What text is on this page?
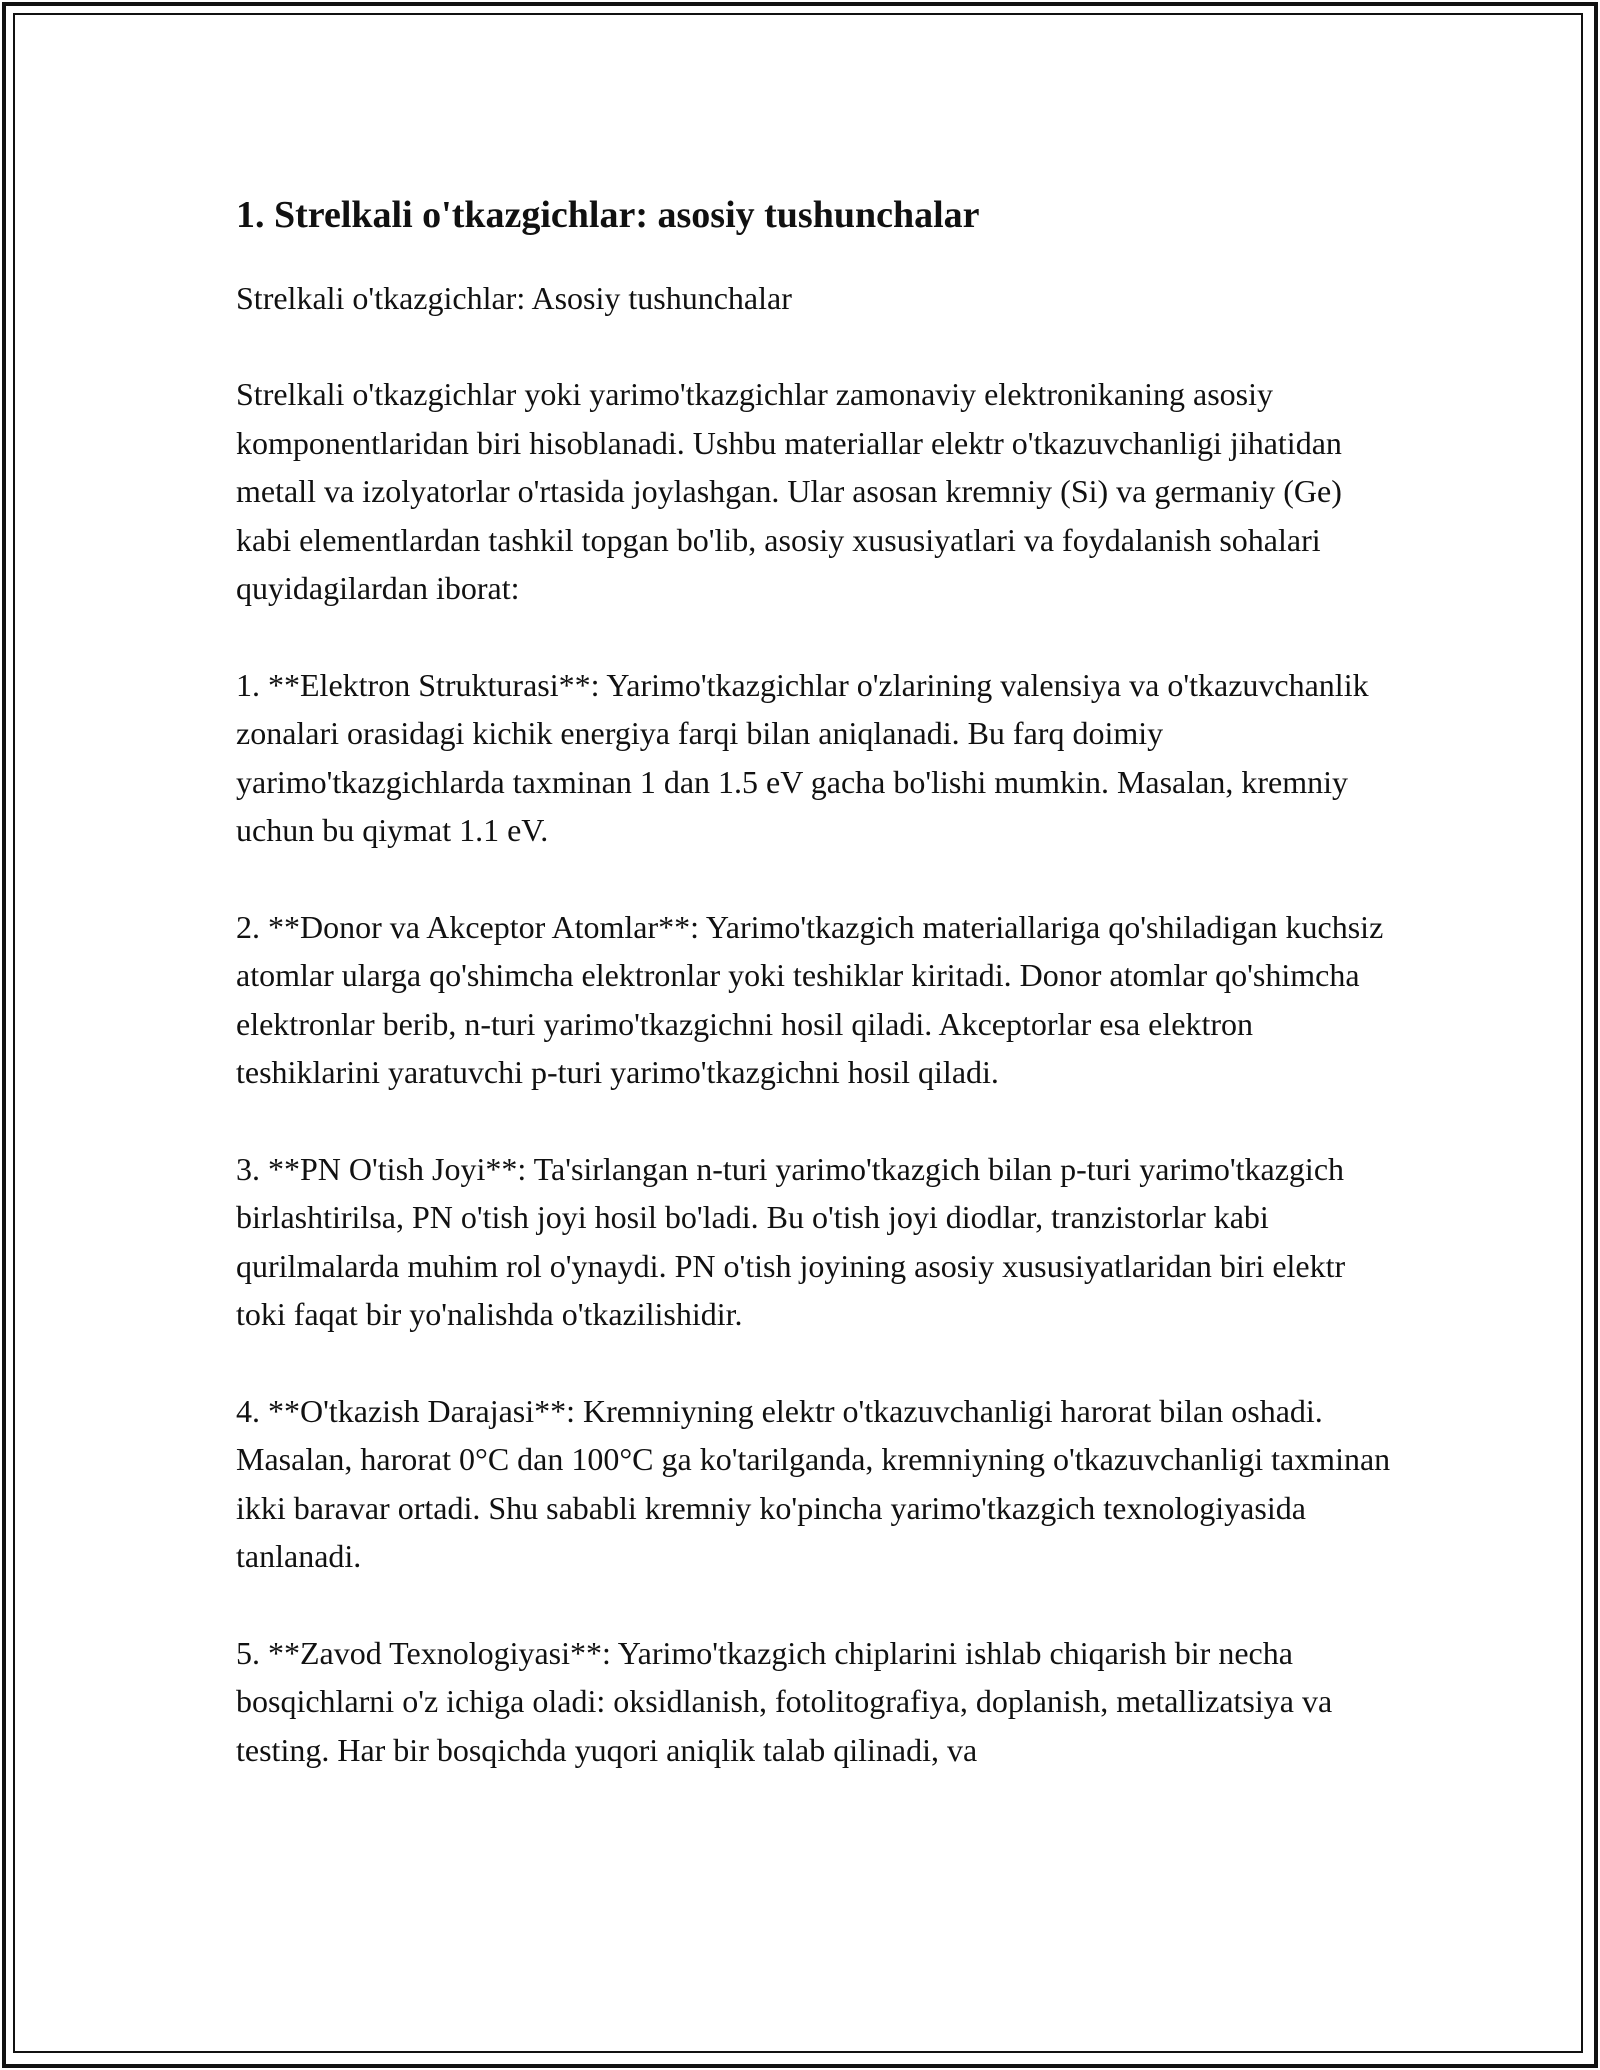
1. Strelkali o'tkazgichlar: asosiy tushunchalar

Strelkali o'tkazgichlar: Asosiy tushunchalar

Strelkali o'tkazgichlar yoki yarimo'tkazgichlar zamonaviy elektronikaning asosiy komponentlaridan biri hisoblanadi. Ushbu materiallar elektr o'tkazuvchanligi jihatidan metall va izolyatorlar o'rtasida joylashgan. Ular asosan kremniy (Si) va germaniy (Ge) kabi elementlardan tashkil topgan bo'lib, asosiy xususiyatlari va foydalanish sohalari quyidagilardan iborat:

1. **Elektron Strukturasi**: Yarimo'tkazgichlar o'zlarining valensiya va o'tkazuvchanlik zonalari orasidagi kichik energiya farqi bilan aniqlanadi. Bu farq doimiy yarimo'tkazgichlarda taxminan 1 dan 1.5 eV gacha bo'lishi mumkin. Masalan, kremniy uchun bu qiymat 1.1 eV.

2. **Donor va Akceptor Atomlar**: Yarimo'tkazgich materiallariga qo'shiladigan kuchsiz atomlar ularga qo'shimcha elektronlar yoki teshiklar kiritadi. Donor atomlar qo'shimcha elektronlar berib, n-turi yarimo'tkazgichni hosil qiladi. Akceptorlar esa elektron teshiklarini yaratuvchi p-turi yarimo'tkazgichni hosil qiladi.

3. **PN O'tish Joyi**: Ta'sirlangan n-turi yarimo'tkazgich bilan p-turi yarimo'tkazgich birlashtirilsa, PN o'tish joyi hosil bo'ladi. Bu o'tish joyi diodlar, tranzistorlar kabi qurilmalarda muhim rol o'ynaydi. PN o'tish joyining asosiy xususiyatlaridan biri elektr toki faqat bir yo'nalishda o'tkazilishidir.

4. **O'tkazish Darajasi**: Kremniyning elektr o'tkazuvchanligi harorat bilan oshadi. Masalan, harorat 0°C dan 100°C ga ko'tarilganda, kremniyning o'tkazuvchanligi taxminan ikki baravar ortadi. Shu sababli kremniy ko'pincha yarimo'tkazgich texnologiyasida tanlanadi.

5. **Zavod Texnologiyasi**: Yarimo'tkazgich chiplarini ishlab chiqarish bir necha bosqichlarni o'z ichiga oladi: oksidlanish, fotolitografiya, doplanish, metallizatsiya va testing. Har bir bosqichda yuqori aniqlik talab qilinadi, va
